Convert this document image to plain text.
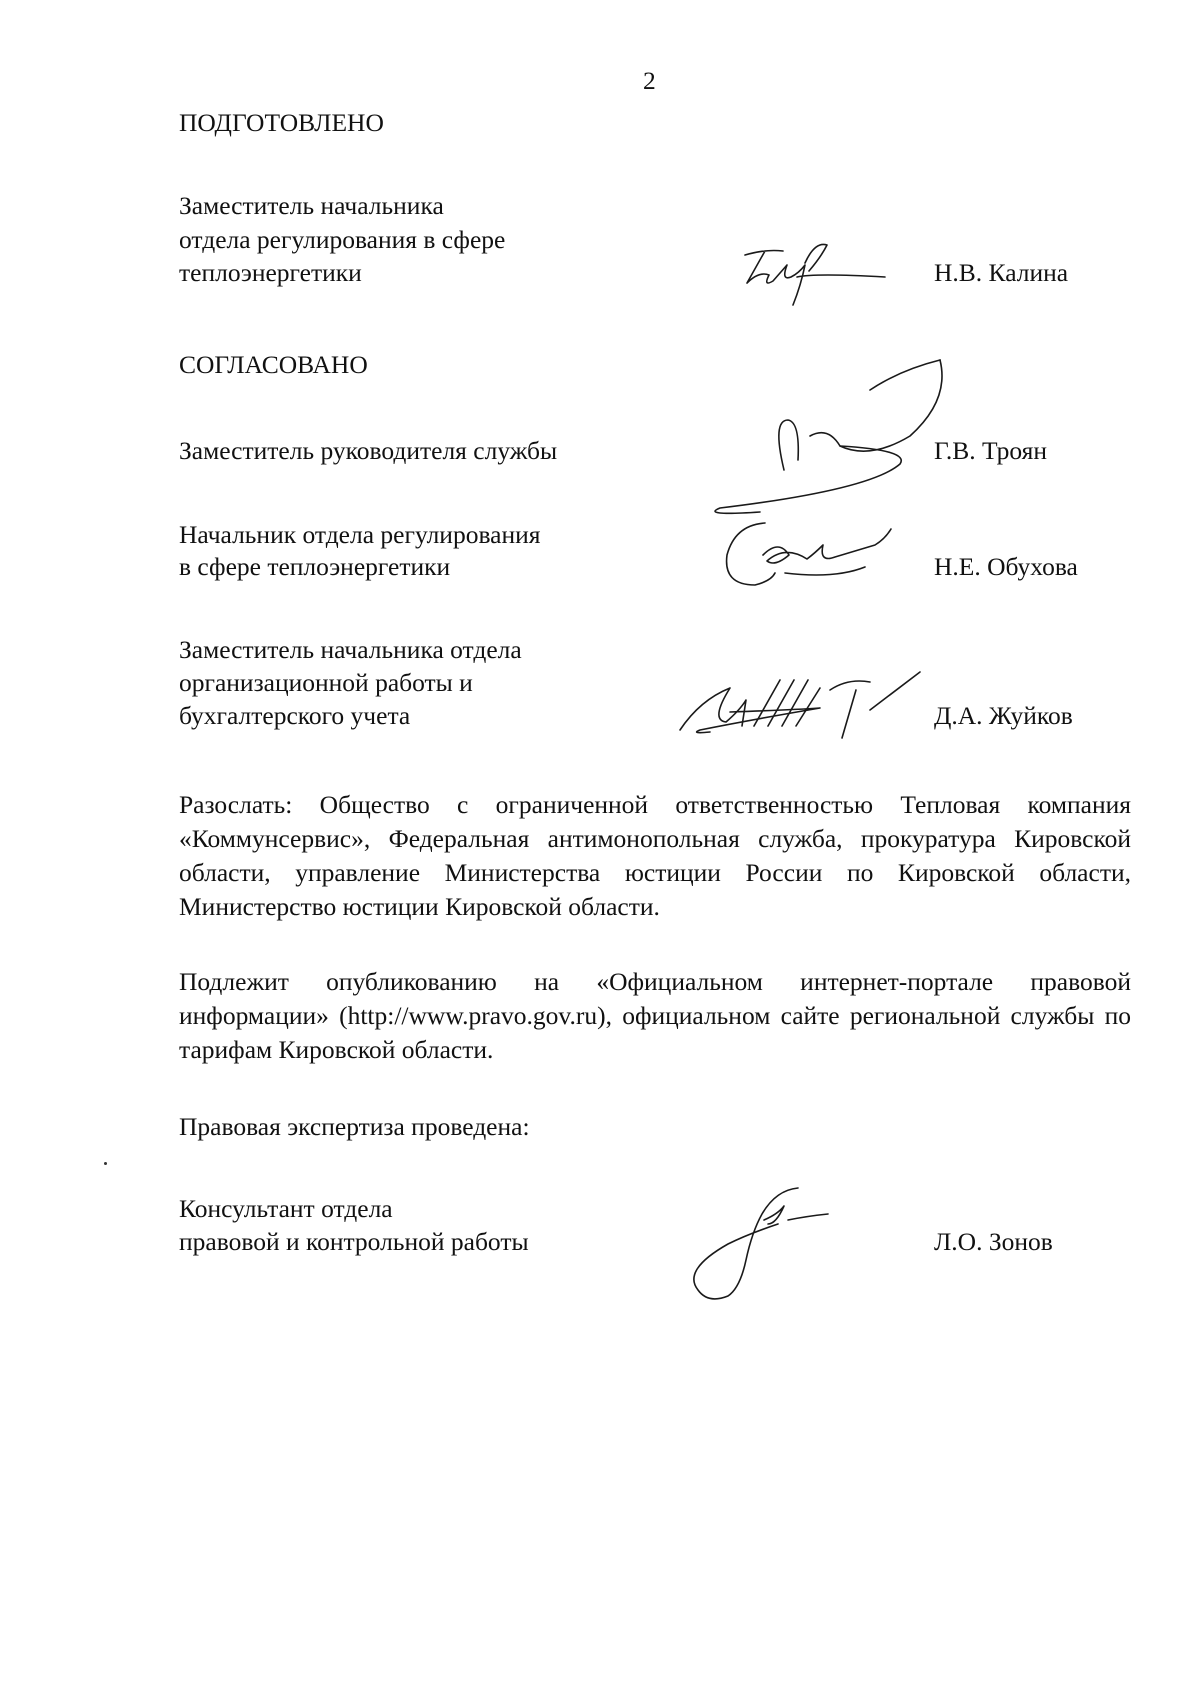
2

ПОДГОТОВЛЕНО

Заместитель начальника

отдела регулирования в сфере

теплоэнергетики	Н.В. Калина

СОГЛАСОВАНО

Заместитель руководителя службы	Г.В. Троян

Начальник отдела регулирования

в сфере теплоэнергетики	Н.Е. Обухова

Заместитель начальника отдела

организационной работы и

бухгалтерского учета	Д.А. Жуйков

Разослать: Общество с ограниченной ответственностью Тепловая компания «Коммунсервис», Федеральная антимонопольная служба, прокуратура Кировской области, управление Министерства юстиции России по Кировской области, Министерство юстиции Кировской области.

Подлежит опубликованию на «Официальном интернет-портале правовой информации» (http://www.pravo.gov.ru), официальном сайте региональной службы по тарифам Кировской области.

Правовая экспертиза проведена:

Консультант отдела

правовой и контрольной работы	Л.О. Зонов
